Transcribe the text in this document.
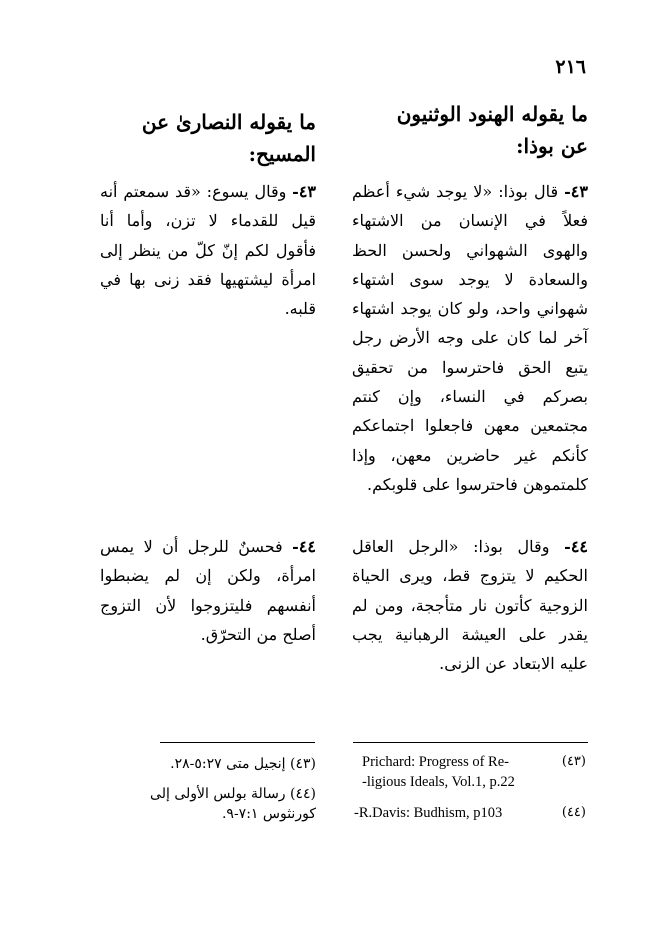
٢١٦

ما يقوله الهنود الوثنيون

عن بوذا:

٤٣- قال بوذا: «لا يوجد شيء أعظم فعلاً في الإنسان من الاشتهاء والهوى الشهواني ولحسن الحظ والسعادة لا يوجد سوى اشتهاء شهواني واحد، ولو كان يوجد اشتهاء آخر لما كان على وجه الأرض رجل يتبع الحق فاحترسوا من تحقيق بصركم في النساء، وإن كنتم مجتمعين معهن فاجعلوا اجتماعكم كأنكم غير حاضرين معهن، وإذا كلمتموهن فاحترسوا على قلوبكم.

٤٤- وقال بوذا: «الرجل العاقل الحكيم لا يتزوج قط، ويرى الحياة الزوجية كأتون نار متأججة، ومن لم يقدر على العيشة الرهبانية يجب عليه الابتعاد عن الزنى.

ما يقوله النصارىٰ عن المسيح:

٤٣- وقال يسوع: «قد سمعتم أنه قيل للقدماء لا تزن، وأما أنا فأقول لكم إنّ كلّ من ينظر إلى امرأة ليشتهيها فقد زنى بها في قلبه.

٤٤- فحسنٌ للرجل أن لا يمس امرأة، ولكن إن لم يضبطوا أنفسهم فليتزوجوا لأن التزوج أصلح من التحرّق.

(٤٣)
Prichard: Progress of Re-
-ligious Ideals, Vol.1, p.22
(٤٤)
-R.Davis: Budhism, p103
(٤٣) إنجيل متى ٥:٢٧-٢٨.
(٤٤) رسالة بولس الأولى إلى كورنثوس ٧:١-٩.
